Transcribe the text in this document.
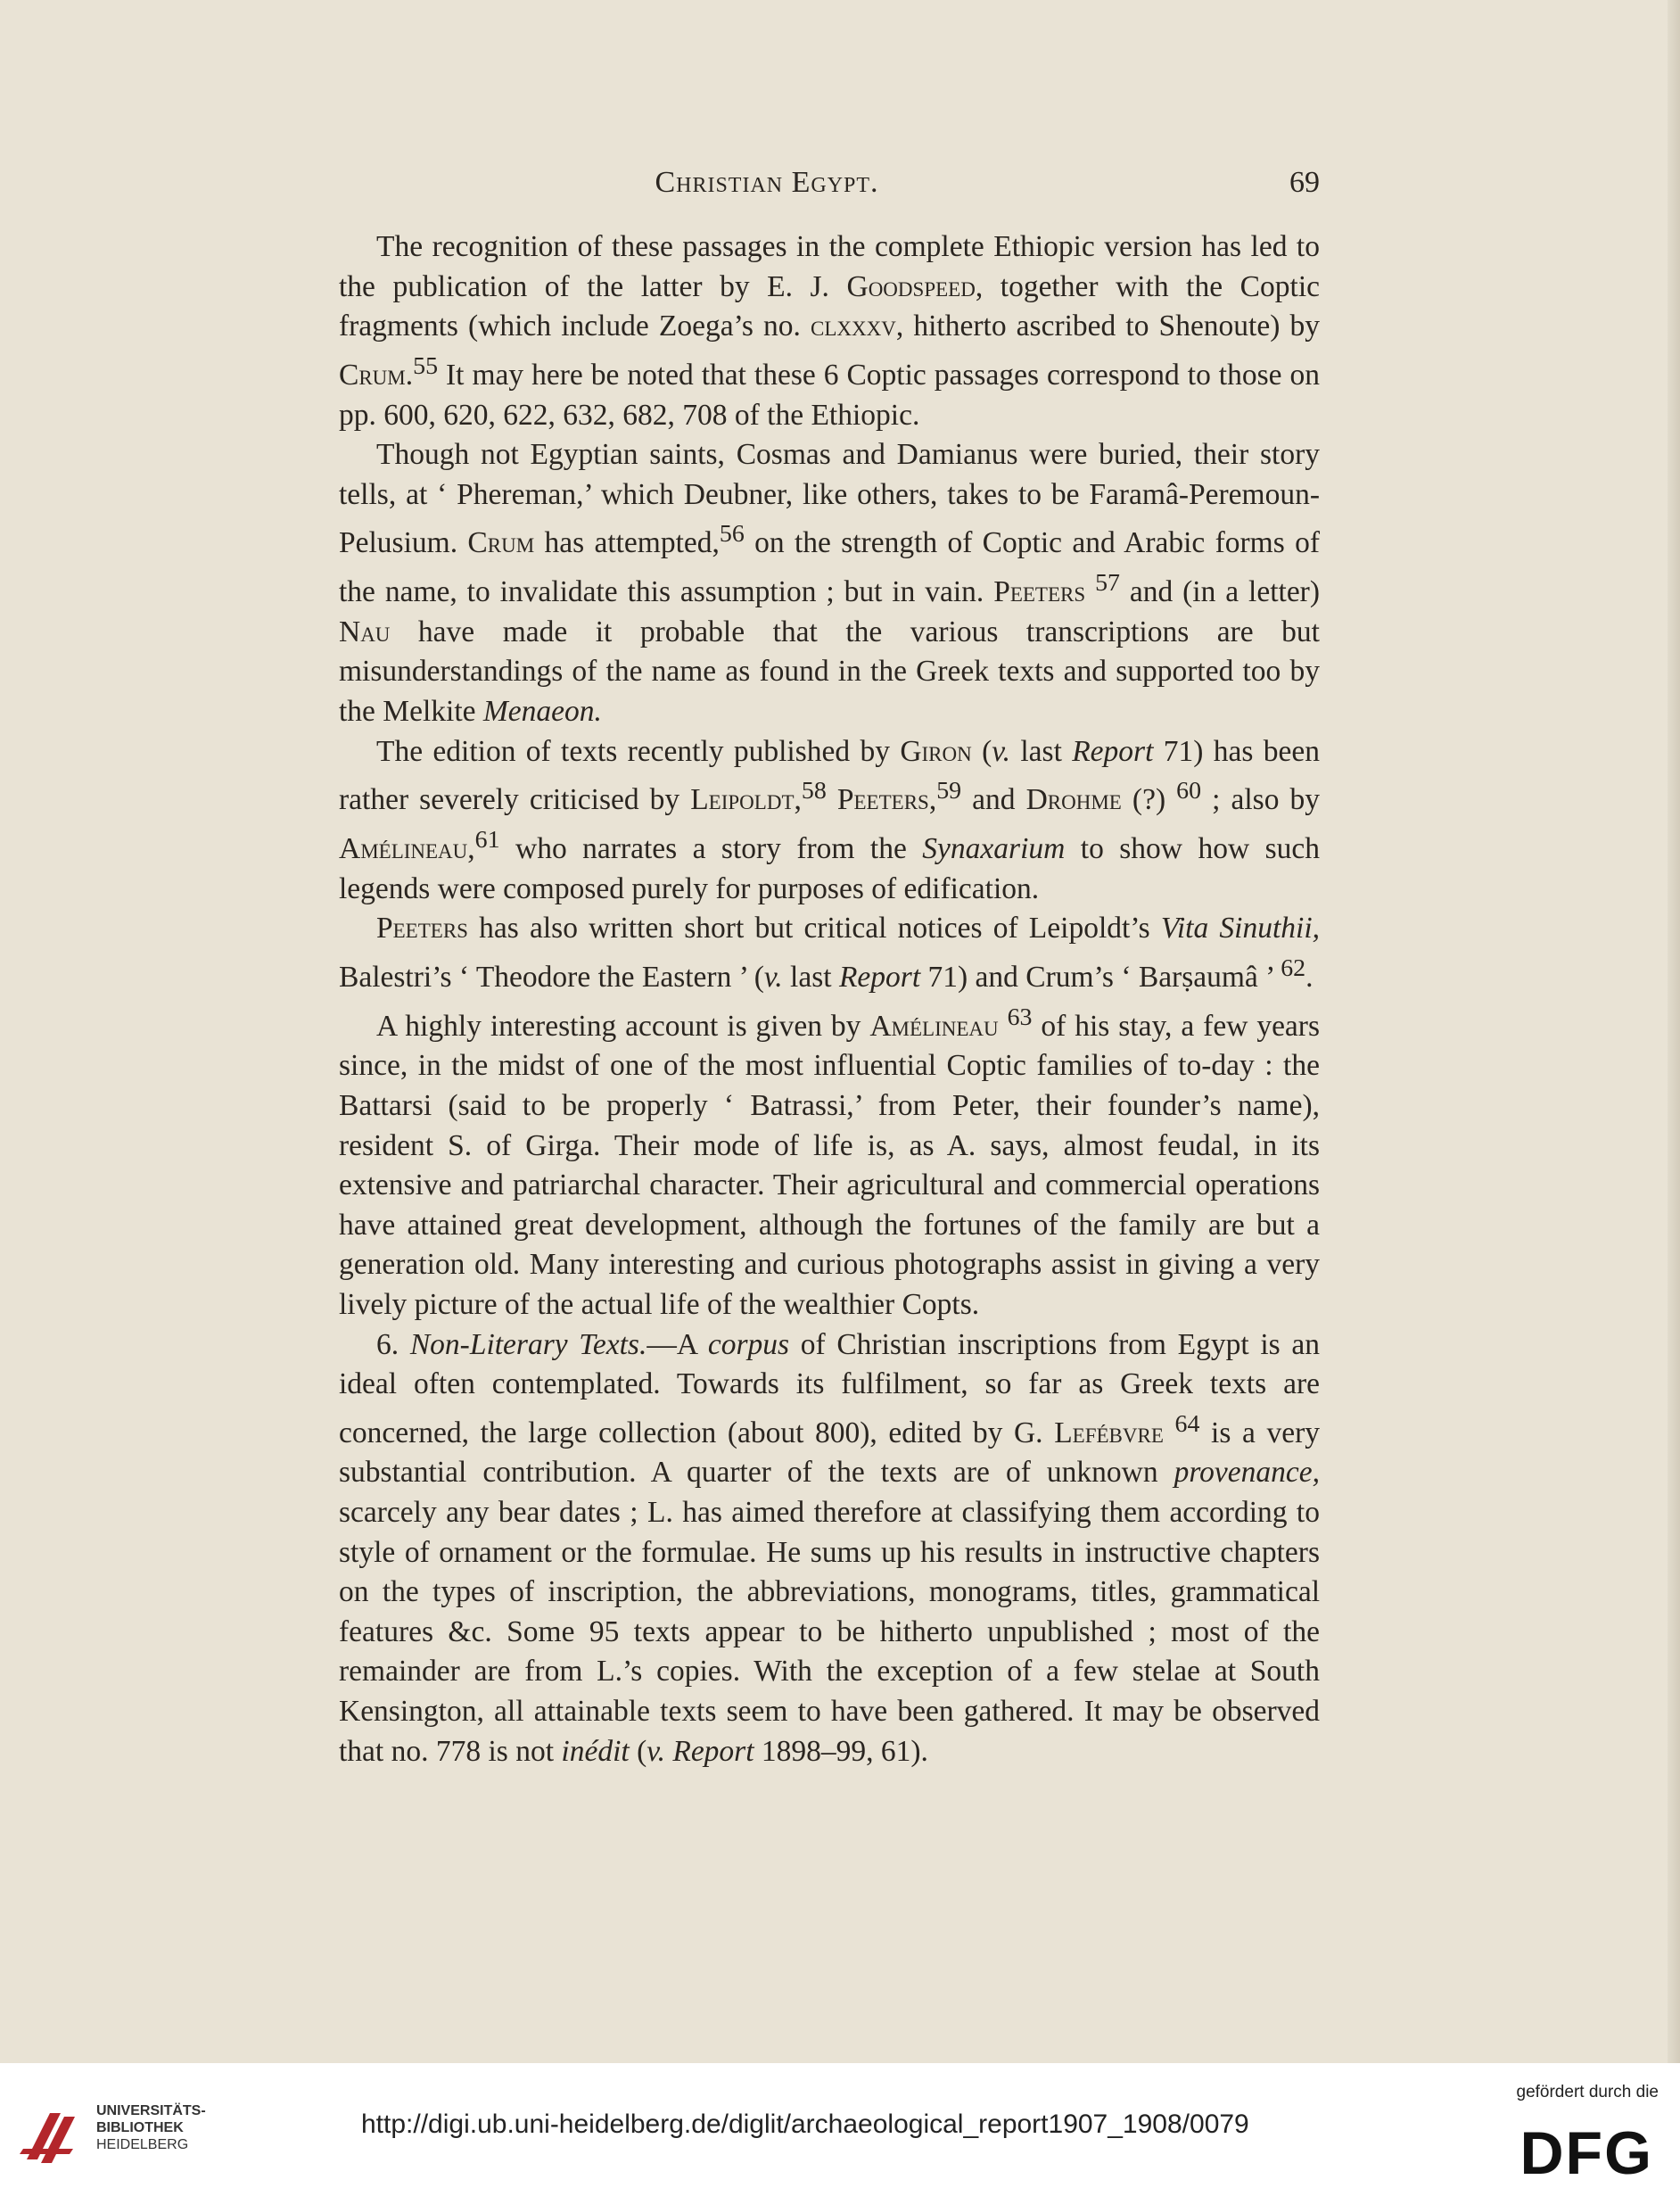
Christian Egypt.	69

The recognition of these passages in the complete Ethiopic version has led to the publication of the latter by E. J. Goodspeed, together with the Coptic fragments (which include Zoega’s no. clxxxv, hitherto ascribed to Shenoute) by Crum.$^{55}$ It may here be noted that these 6 Coptic passages correspond to those on pp. 600, 620, 622, 632, 682, 708 of the Ethiopic.

Though not Egyptian saints, Cosmas and Damianus were buried, their story tells, at ‘ Phereman,’ which Deubner, like others, takes to be Faramâ-Peremoun-Pelusium. Crum has attempted,$^{56}$ on the strength of Coptic and Arabic forms of the name, to invalidate this assumption ; but in vain. Peeters $^{57}$ and (in a letter) Nau have made it probable that the various transcriptions are but misunderstandings of the name as found in the Greek texts and supported too by the Melkite Menaeon.

The edition of texts recently published by Giron (v. last Report 71) has been rather severely criticised by Leipoldt,$^{58}$ Peeters,$^{59}$ and Drohme (?) $^{60}$ ; also by Amélineau,$^{61}$ who narrates a story from the Synaxarium to show how such legends were composed purely for purposes of edification.

Peeters has also written short but critical notices of Leipoldt’s Vita Sinuthii, Balestri’s ‘ Theodore the Eastern ’ (v. last Report 71) and Crum’s ‘ Barṣaumâ ’ $^{62}$.

A highly interesting account is given by Amélineau $^{63}$ of his stay, a few years since, in the midst of one of the most influential Coptic families of to-day : the Battarsi (said to be properly ‘ Batrassi,’ from Peter, their founder’s name), resident S. of Girga. Their mode of life is, as A. says, almost feudal, in its extensive and patriarchal character. Their agricultural and commercial operations have attained great development, although the fortunes of the family are but a generation old. Many interesting and curious photographs assist in giving a very lively picture of the actual life of the wealthier Copts.

6. Non-Literary Texts.—A corpus of Christian inscriptions from Egypt is an ideal often contemplated. Towards its fulfilment, so far as Greek texts are concerned, the large collection (about 800), edited by G. Lefébvre $^{64}$ is a very substantial contribution. A quarter of the texts are of unknown provenance, scarcely any bear dates ; L. has aimed therefore at classifying them according to style of ornament or the formulae. He sums up his results in instructive chapters on the types of inscription, the abbreviations, monograms, titles, grammatical features &c. Some 95 texts appear to be hitherto unpublished ; most of the remainder are from L.’s copies. With the exception of a few stelae at South Kensington, all attainable texts seem to have been gathered. It may be observed that no. 778 is not inédit (v. Report 1898–99, 61).

UNIVERSITÄTS-
BIBLIOTHEK
HEIDELBERG
http://digi.ub.uni-heidelberg.de/diglit/archaeological_report1907_1908/0079
gefördert durch die
DFG
